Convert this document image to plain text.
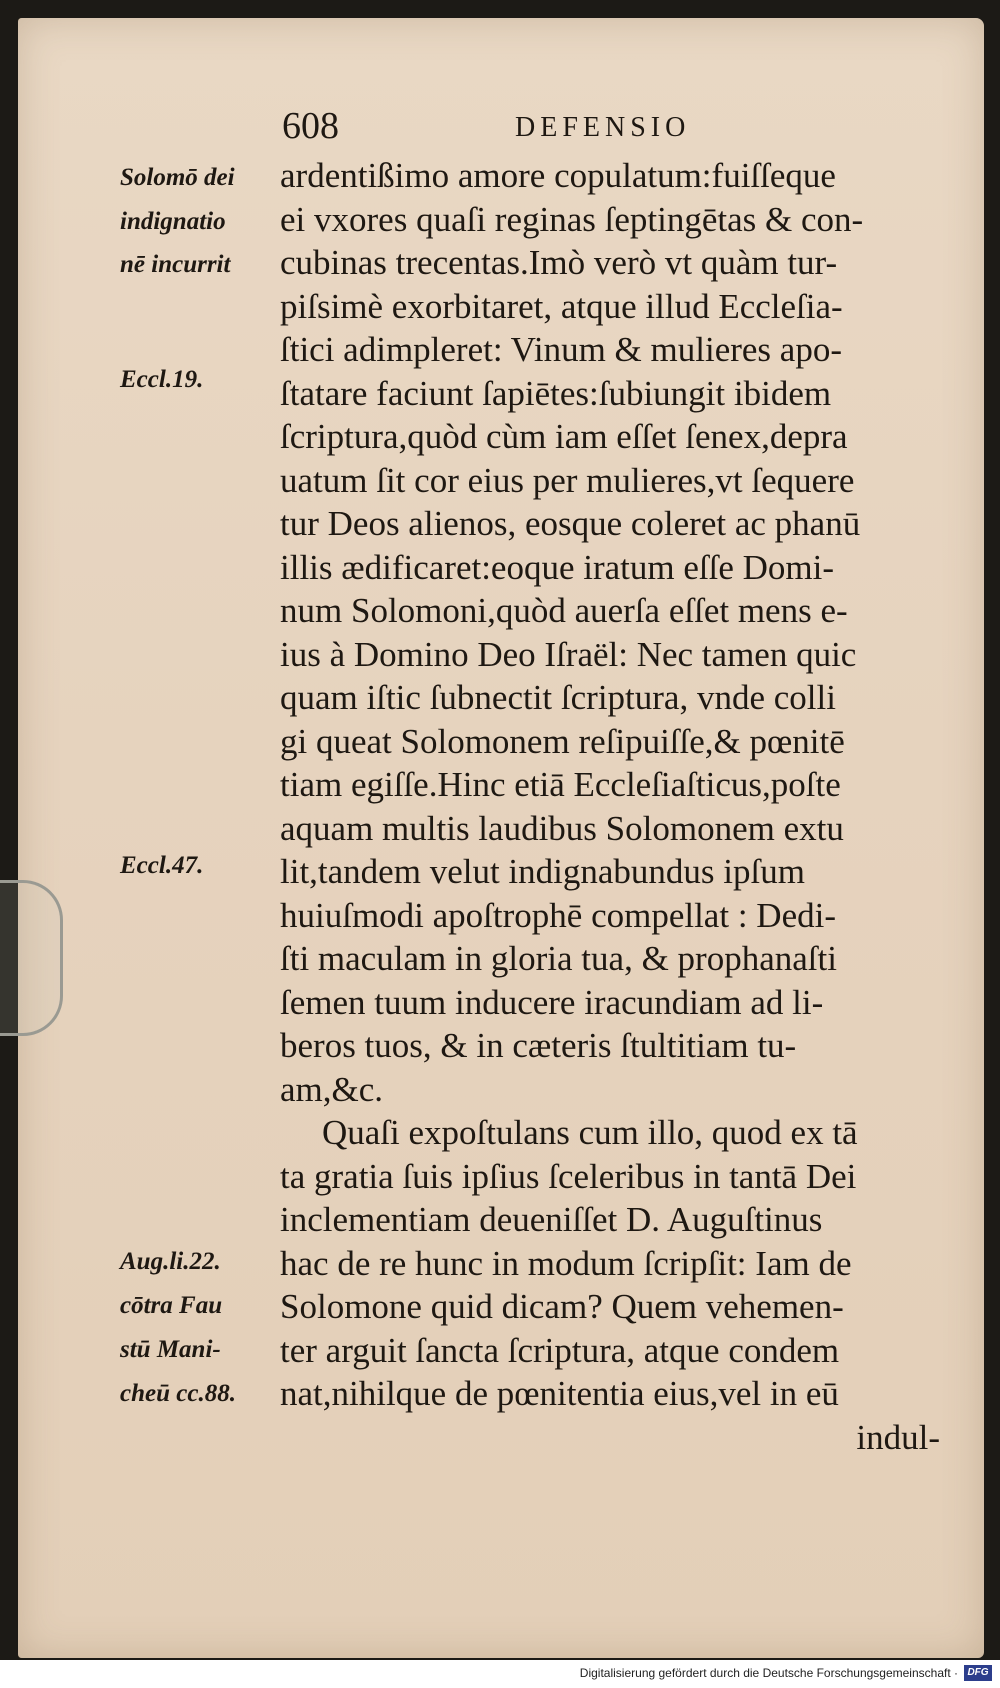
608	DEFENSIO
Solomō dei
indignatio
nē incurrit
Eccl.19.
Eccl.47.
Aug.li.22.
cōtra Fau
stū Mani-
cheū cc.88.
ardentißimo amore copulatum:fuiſſeque
ei vxores quaſi reginas ſeptingētas & con-
cubinas trecentas.Imò verò vt quàm tur-
piſsimè exorbitaret, atque illud Eccleſia-
ſtici adimpleret: Vinum & mulieres apo-
ſtatare faciunt ſapiētes:ſubiungit ibidem
ſcriptura,quòd cùm iam eſſet ſenex,depra
uatum ſit cor eius per mulieres,vt ſequere
tur Deos alienos, eosque coleret ac phanū
illis ædificaret:eoque iratum eſſe Domi-
num Solomoni,quòd auerſa eſſet mens e-
ius à Domino Deo Iſraël: Nec tamen quic
quam iſtic ſubnectit ſcriptura, vnde colli
gi queat Solomonem reſipuiſſe,& pœnitē
tiam egiſſe.Hinc etiā Eccleſiaſticus,poſte
aquam multis laudibus Solomonem extu
lit,tandem velut indignabundus ipſum
huiuſmodi apoſtrophē compellat : Dedi-
ſti maculam in gloria tua, & prophanaſti
ſemen tuum inducere iracundiam ad li-
beros tuos, & in cæteris ſtultitiam tu-
am,&c.
Quaſi expoſtulans cum illo, quod ex tā
ta gratia ſuis ipſius ſceleribus in tantā Dei
inclementiam deueniſſet D. Auguſtinus
hac de re hunc in modum ſcripſit: Iam de
Solomone quid dicam? Quem vehemen-
ter arguit ſancta ſcriptura, atque condem
nat,nihilque de pœnitentia eius,vel in eū
indul-
Digitalisierung gefördert durch die Deutsche Forschungsgemeinschaft · DFG
